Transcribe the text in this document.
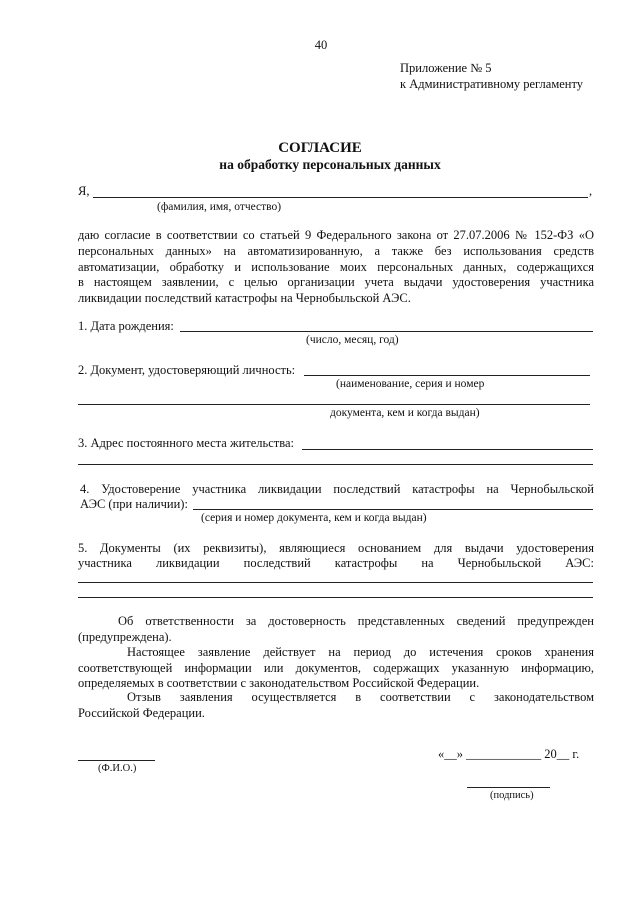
40
Приложение № 5
к Административному регламенту
СОГЛАСИЕ
на обработку персональных данных
Я,	,
(фамилия, имя, отчество)
даю согласие в соответствии со статьей 9 Федерального закона от 27.07.2006 № 152-ФЗ «О
персональных данных» на автоматизированную, а также без использования средств
автоматизации, обработку и использование моих персональных данных, содержащихся
в настоящем заявлении, с целью организации учета выдачи удостоверения участника
ликвидации последствий катастрофы на Чернобыльской АЭС.
1. Дата рождения:
(число, месяц, год)
2. Документ, удостоверяющий личность:
(наименование, серия и номер
документа, кем и когда выдан)
3. Адрес постоянного места жительства:
4. Удостоверение участника ликвидации последствий катастрофы на Чернобыльской
АЭС (при наличии):
(серия и номер документа, кем и когда выдан)
5. Документы (их реквизиты), являющиеся основанием для выдачи удостоверения
участника ликвидации последствий катастрофы на Чернобыльской АЭС:
Об ответственности за достоверность представленных сведений предупрежден
(предупреждена).
Настоящее заявление действует на период до истечения сроков хранения
соответствующей информации или документов, содержащих указанную информацию,
определяемых в соответствии с законодательством Российской Федерации.
Отзыв заявления осуществляется в соответствии с законодательством
Российской Федерации.
(Ф.И.О.)
«__» ____________ 20__ г.
(подпись)
